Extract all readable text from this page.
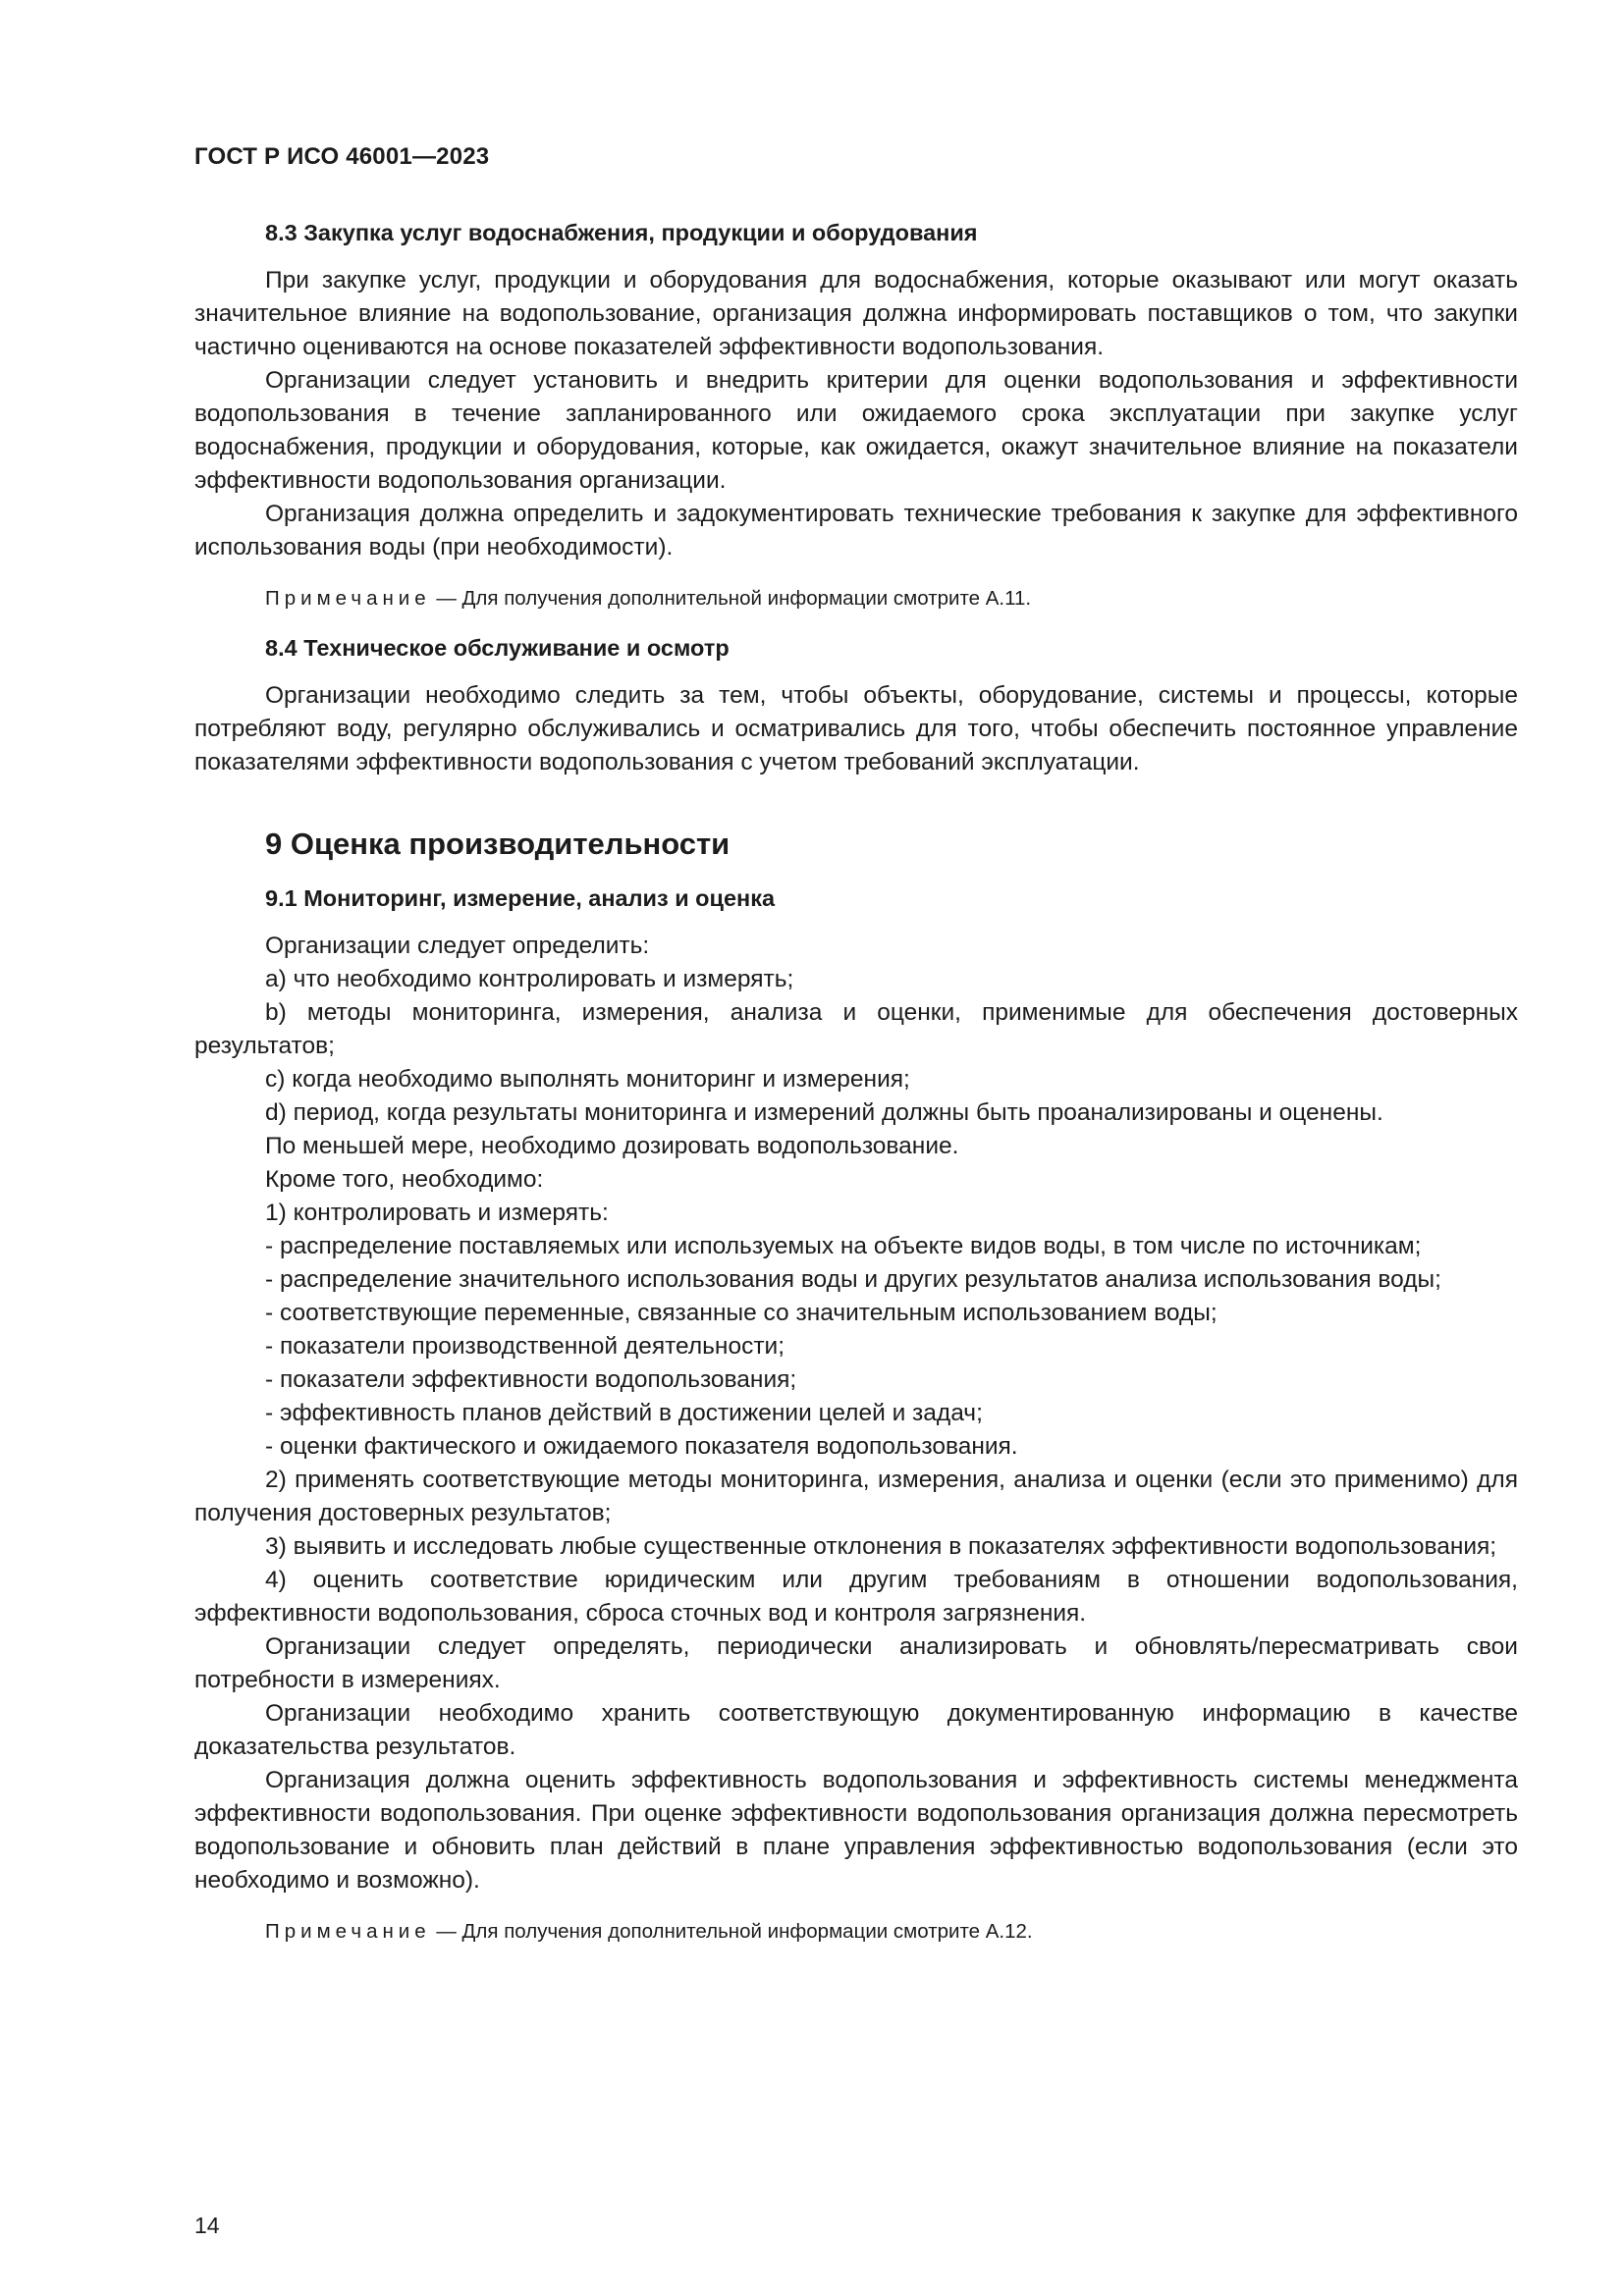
ГОСТ Р ИСО 46001—2023
8.3 Закупка услуг водоснабжения, продукции и оборудования

При закупке услуг, продукции и оборудования для водоснабжения, которые оказывают или могут оказать значительное влияние на водопользование, организация должна информировать поставщиков о том, что закупки частично оцениваются на основе показателей эффективности водопользования.

Организации следует установить и внедрить критерии для оценки водопользования и эффективности водопользования в течение запланированного или ожидаемого срока эксплуатации при закупке услуг водоснабжения, продукции и оборудования, которые, как ожидается, окажут значительное влияние на показатели эффективности водопользования организации.

Организация должна определить и задокументировать технические требования к закупке для эффективного использования воды (при необходимости).

Примечание — Для получения дополнительной информации смотрите А.11.

8.4 Техническое обслуживание и осмотр

Организации необходимо следить за тем, чтобы объекты, оборудование, системы и процессы, которые потребляют воду, регулярно обслуживались и осматривались для того, чтобы обеспечить постоянное управление показателями эффективности водопользования с учетом требований эксплуатации.

9 Оценка производительности
9.1 Мониторинг, измерение, анализ и оценка

Организации следует определить:

a) что необходимо контролировать и измерять;

b) методы мониторинга, измерения, анализа и оценки, применимые для обеспечения достоверных результатов;

c) когда необходимо выполнять мониторинг и измерения;

d) период, когда результаты мониторинга и измерений должны быть проанализированы и оценены.

По меньшей мере, необходимо дозировать водопользование.

Кроме того, необходимо:

1) контролировать и измерять:

- распределение поставляемых или используемых на объекте видов воды, в том числе по источникам;

- распределение значительного использования воды и других результатов анализа использования воды;

- соответствующие переменные, связанные со значительным использованием воды;

- показатели производственной деятельности;

- показатели эффективности водопользования;

- эффективность планов действий в достижении целей и задач;

- оценки фактического и ожидаемого показателя водопользования.

2) применять соответствующие методы мониторинга, измерения, анализа и оценки (если это применимо) для получения достоверных результатов;

3) выявить и исследовать любые существенные отклонения в показателях эффективности водопользования;

4) оценить соответствие юридическим или другим требованиям в отношении водопользования, эффективности водопользования, сброса сточных вод и контроля загрязнения.

Организации следует определять, периодически анализировать и обновлять/пересматривать свои потребности в измерениях.

Организации необходимо хранить соответствующую документированную информацию в качестве доказательства результатов.

Организация должна оценить эффективность водопользования и эффективность системы менеджмента эффективности водопользования. При оценке эффективности водопользования организация должна пересмотреть водопользование и обновить план действий в плане управления эффективностью водопользования (если это необходимо и возможно).

Примечание — Для получения дополнительной информации смотрите А.12.

14
